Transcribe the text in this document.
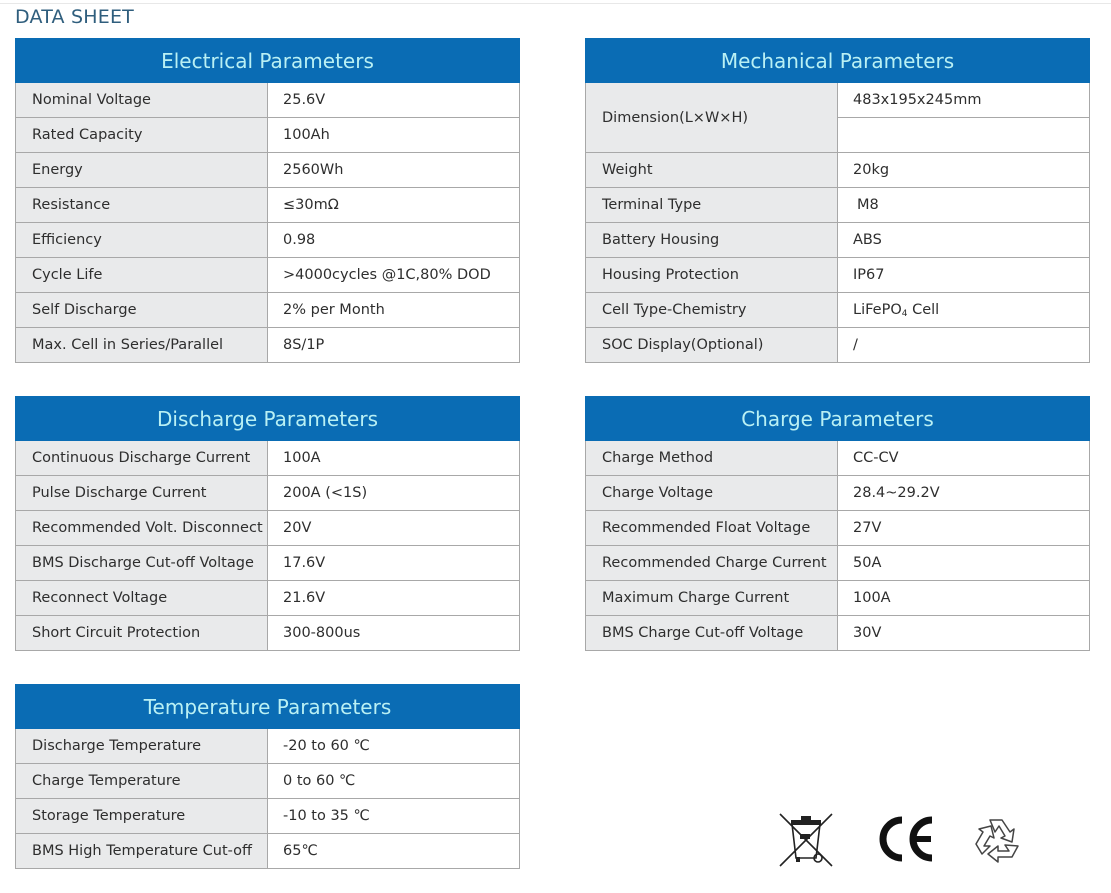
DATA SHEET
Electrical Parameters	
Nominal Voltage	25.6V
Rated Capacity	100Ah
Energy	2560Wh
Resistance	≤30mΩ
Efficiency	0.98
Cycle Life	>4000cycles @1C,80% DOD
Self Discharge	2% per Month
Max. Cell in Series/Parallel	8S/1P
Mechanical Parameters	
Dimension(L×W×H)	483x195x245mm

Weight	20kg
Terminal Type	M8
Battery Housing	ABS
Housing Protection	IP67
Cell Type-Chemistry	LiFePO$_4$ Cell
SOC Display(Optional)	/
Discharge Parameters	
Continuous Discharge Current	100A
Pulse Discharge Current	200A (<1S)
Recommended Volt. Disconnect	20V
BMS Discharge Cut-off Voltage	17.6V
Reconnect Voltage	21.6V
Short Circuit Protection	300-800us
Charge Parameters	
Charge Method	CC-CV
Charge Voltage	28.4~29.2V
Recommended Float Voltage	27V
Recommended Charge Current	50A
Maximum Charge Current	100A
BMS Charge Cut-off Voltage	30V
Temperature Parameters	
Discharge Temperature	-20 to 60 ℃
Charge Temperature	0 to 60 ℃
Storage Temperature	-10 to 35 ℃
BMS High Temperature Cut-off	65℃
CE
